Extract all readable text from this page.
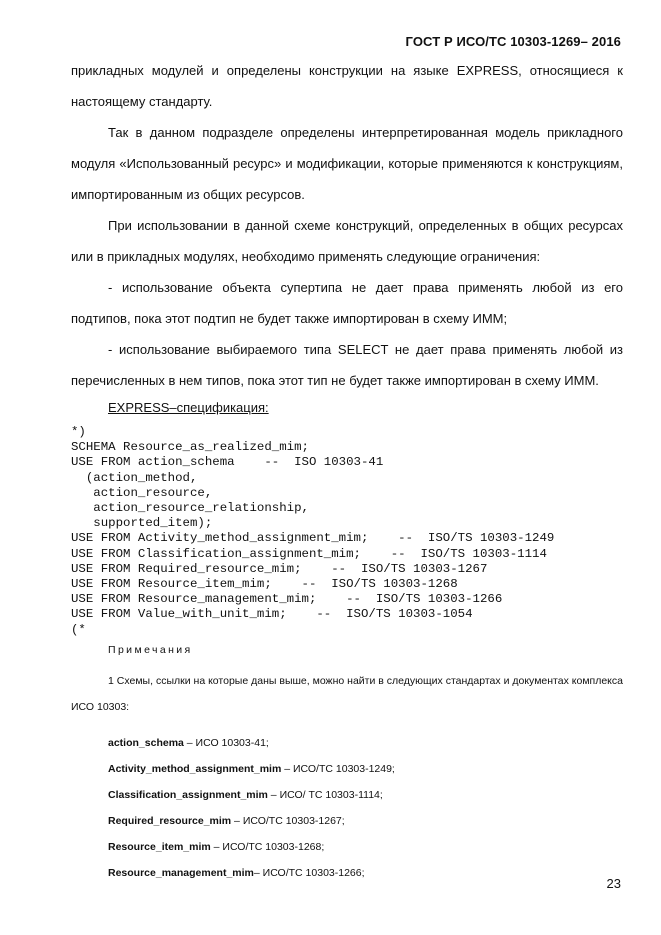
ГОСТ Р ИСО/ТС 10303-1269– 2016

прикладных модулей и определены конструкции на языке EXPRESS, относящиеся к настоящему стандарту.

Так в данном подразделе определены интерпретированная модель прикладного модуля «Использованный ресурс» и модификации, которые применяются к конструкциям, импортированным из общих ресурсов.

При использовании в данной схеме конструкций, определенных в общих ресурсах или в прикладных модулях, необходимо применять следующие ограничения:

- использование объекта супертипа не дает права применять любой из его подтипов, пока этот подтип не будет также импортирован в схему ИММ;

- использование выбираемого типа SELECT не дает права применять любой из перечисленных в нем типов, пока этот тип не будет также импортирован в схему ИММ.

EXPRESS–спецификация:
*)
SCHEMA Resource_as_realized_mim;
USE FROM action_schema    --  ISO 10303-41
(action_method,
action_resource,
action_resource_relationship,
supported_item);
USE FROM Activity_method_assignment_mim;    --  ISO/TS 10303-1249
USE FROM Classification_assignment_mim;    --  ISO/TS 10303-1114
USE FROM Required_resource_mim;    --  ISO/TS 10303-1267
USE FROM Resource_item_mim;    --  ISO/TS 10303-1268
USE FROM Resource_management_mim;    --  ISO/TS 10303-1266
USE FROM Value_with_unit_mim;    --  ISO/TS 10303-1054
(*
Примечания

1 Схемы, ссылки на которые даны выше, можно найти в следующих стандартах и документах комплекса ИСО 10303:

action_schema – ИСО 10303-41;
Activity_method_assignment_mim – ИСО/ТС 10303-1249;
Classification_assignment_mim – ИСО/ ТС 10303-1114;
Required_resource_mim – ИСО/ТС 10303-1267;
Resource_item_mim – ИСО/ТС 10303-1268;
Resource_management_mim– ИСО/ТС 10303-1266;
23
